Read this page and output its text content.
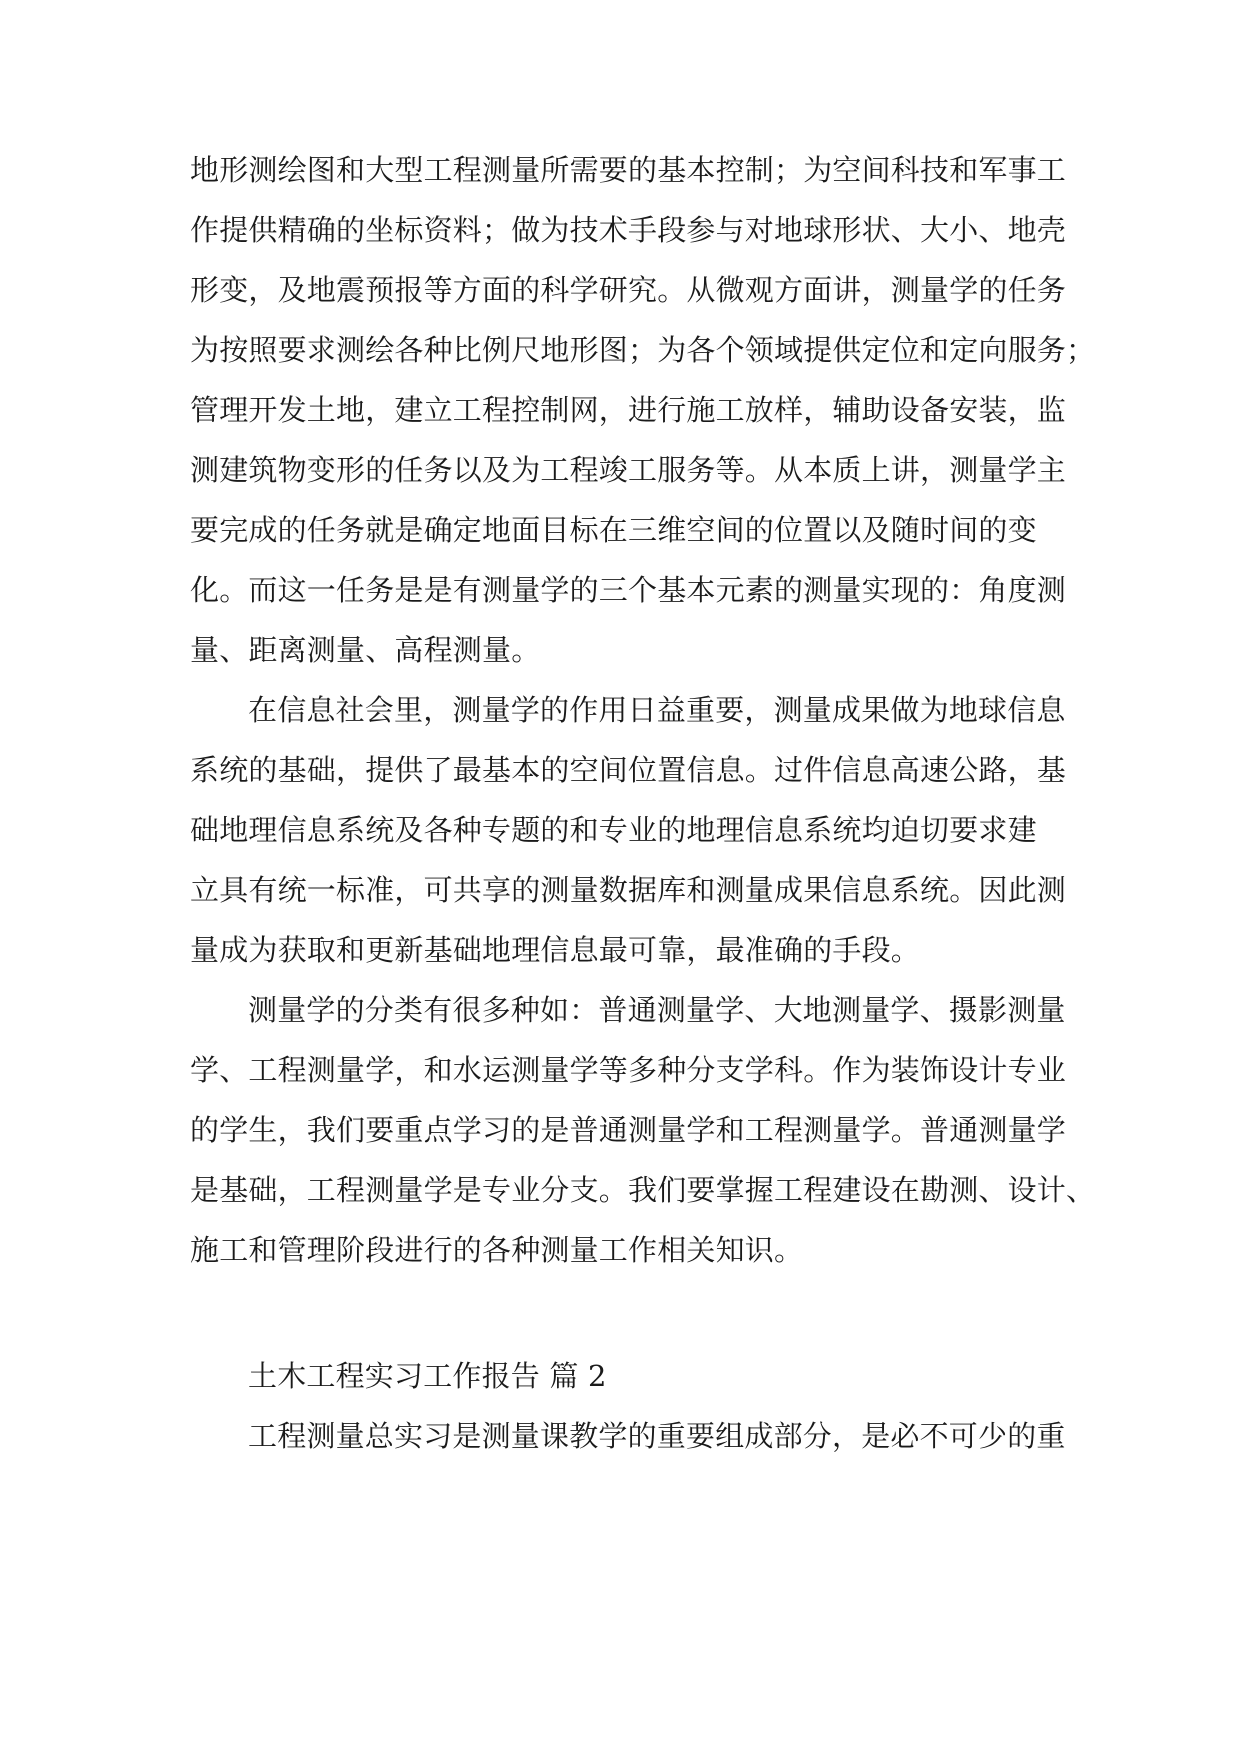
地形测绘图和大型工程测量所需要的基本控制；为空间科技和军事工
作提供精确的坐标资料；做为技术手段参与对地球形状、大小、地壳
形变，及地震预报等方面的科学研究。从微观方面讲，测量学的任务
为按照要求测绘各种比例尺地形图；为各个领域提供定位和定向服务；
管理开发土地，建立工程控制网，进行施工放样，辅助设备安装，监
测建筑物变形的任务以及为工程竣工服务等。从本质上讲，测量学主
要完成的任务就是确定地面目标在三维空间的位置以及随时间的变
化。而这一任务是是有测量学的三个基本元素的测量实现的：角度测
量、距离测量、高程测量。
在信息社会里，测量学的作用日益重要，测量成果做为地球信息
系统的基础，提供了最基本的空间位置信息。过件信息高速公路，基
础地理信息系统及各种专题的和专业的地理信息系统均迫切要求建
立具有统一标准，可共享的测量数据库和测量成果信息系统。因此测
量成为获取和更新基础地理信息最可靠，最准确的手段。
测量学的分类有很多种如：普通测量学、大地测量学、摄影测量
学、工程测量学，和水运测量学等多种分支学科。作为装饰设计专业
的学生，我们要重点学习的是普通测量学和工程测量学。普通测量学
是基础，工程测量学是专业分支。我们要掌握工程建设在勘测、设计、
施工和管理阶段进行的各种测量工作相关知识。
土木工程实习工作报告 篇 2
工程测量总实习是测量课教学的重要组成部分，是必不可少的重
